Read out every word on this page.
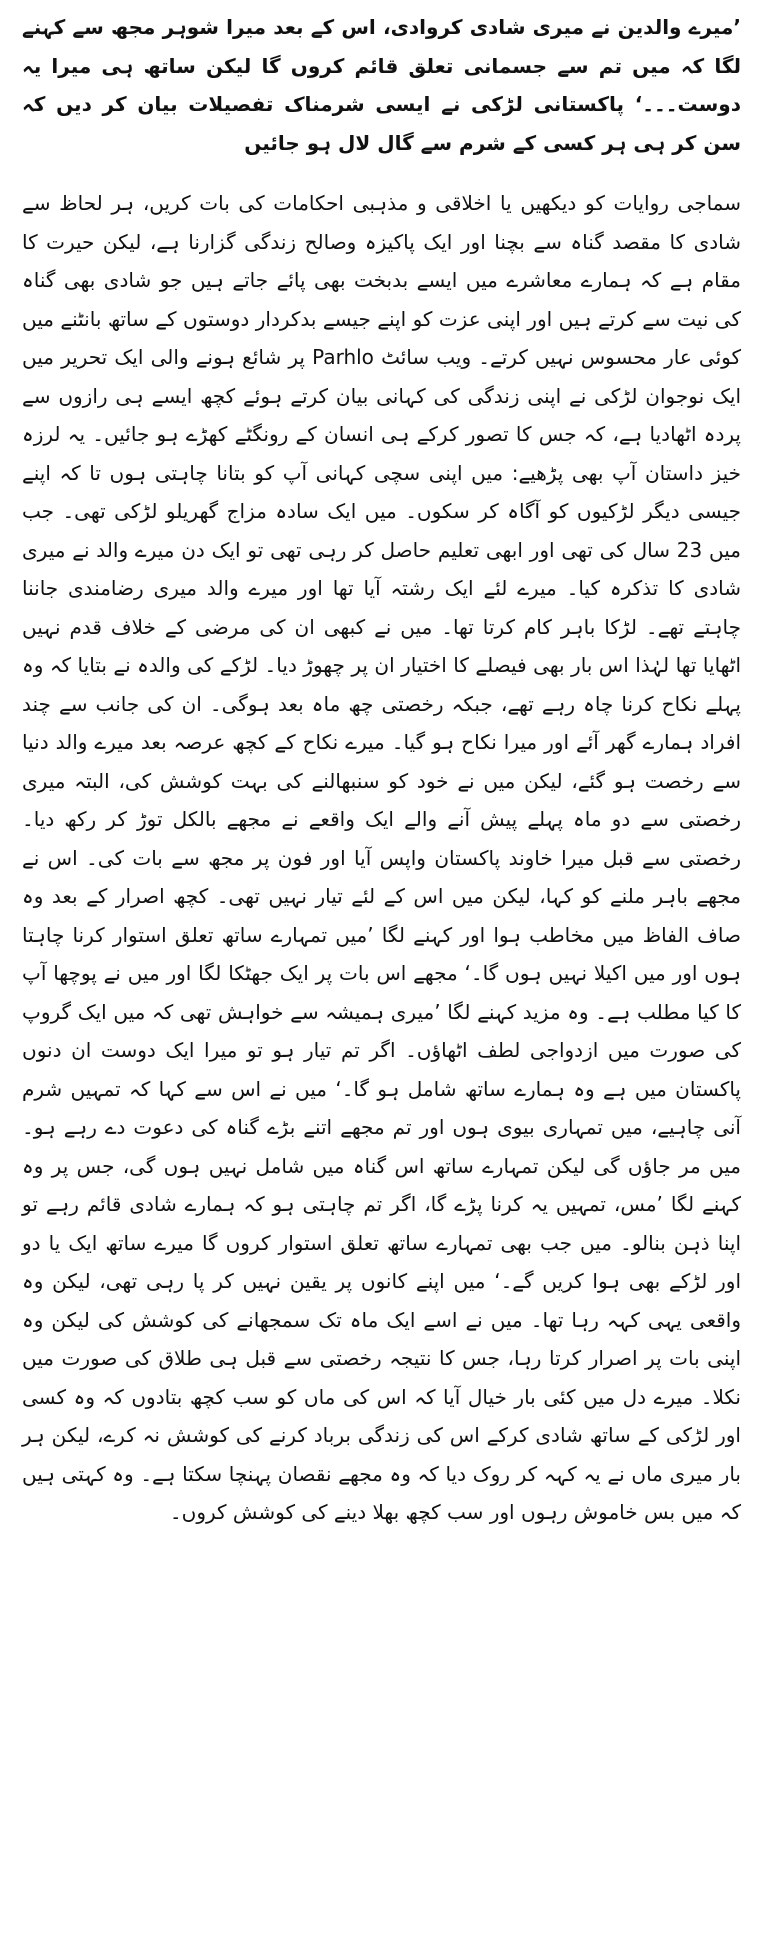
’میرے والدین نے میری شادی کروادی، اس کے بعد میرا شوہر مجھ سے کہنے لگا کہ میں تم سے جسمانی تعلق قائم کروں گا لیکن ساتھ ہی میرا یہ دوست۔۔۔‘ پاکستانی لڑکی نے ایسی شرمناک تفصیلات بیان کر دیں کہ سن کر ہی ہر کسی کے شرم سے گال لال ہو جائیں

سماجی روایات کو دیکھیں یا اخلاقی و مذہبی احکامات کی بات کریں، ہر لحاظ سے شادی کا مقصد گناہ سے بچنا اور ایک پاکیزہ وصالح زندگی گزارنا ہے، لیکن حیرت کا مقام ہے کہ ہمارے معاشرے میں ایسے بدبخت بھی پائے جاتے ہیں جو شادی بھی گناہ کی نیت سے کرتے ہیں اور اپنی عزت کو اپنے جیسے بدکردار دوستوں کے ساتھ بانٹنے میں کوئی عار محسوس نہیں کرتے۔ ویب سائٹ Parhlo پر شائع ہونے والی ایک تحریر میں ایک نوجوان لڑکی نے اپنی زندگی کی کہانی بیان کرتے ہوئے کچھ ایسے ہی رازوں سے پردہ اٹھادیا ہے، کہ جس کا تصور کرکے ہی انسان کے رونگٹے کھڑے ہو جائیں۔ یہ لرزہ خیز داستان آپ بھی پڑھیے: میں اپنی سچی کہانی آپ کو بتانا چاہتی ہوں تا کہ اپنے جیسی دیگر لڑکیوں کو آگاہ کر سکوں۔ میں ایک سادہ مزاج گھریلو لڑکی تھی۔ جب میں 23 سال کی تھی اور ابھی تعلیم حاصل کر رہی تھی تو ایک دن میرے والد نے میری شادی کا تذکرہ کیا۔ میرے لئے ایک رشتہ آیا تھا اور میرے والد میری رضامندی جاننا چاہتے تھے۔ لڑکا باہر کام کرتا تھا۔ میں نے کبھی ان کی مرضی کے خلاف قدم نہیں اٹھایا تھا لہٰذا اس بار بھی فیصلے کا اختیار ان پر چھوڑ دیا۔ لڑکے کی والدہ نے بتایا کہ وہ پہلے نکاح کرنا چاہ رہے تھے، جبکہ رخصتی چھ ماہ بعد ہوگی۔ ان کی جانب سے چند افراد ہمارے گھر آئے اور میرا نکاح ہو گیا۔ میرے نکاح کے کچھ عرصہ بعد میرے والد دنیا سے رخصت ہو گئے، لیکن میں نے خود کو سنبھالنے کی بہت کوشش کی، البتہ میری رخصتی سے دو ماہ پہلے پیش آنے والے ایک واقعے نے مجھے بالکل توڑ کر رکھ دیا۔ رخصتی سے قبل میرا خاوند پاکستان واپس آیا اور فون پر مجھ سے بات کی۔ اس نے مجھے باہر ملنے کو کہا، لیکن میں اس کے لئے تیار نہیں تھی۔ کچھ اصرار کے بعد وہ صاف الفاظ میں مخاطب ہوا اور کہنے لگا ’میں تمہارے ساتھ تعلق استوار کرنا چاہتا ہوں اور میں اکیلا نہیں ہوں گا۔‘ مجھے اس بات پر ایک جھٹکا لگا اور میں نے پوچھا آپ کا کیا مطلب ہے۔ وہ مزید کہنے لگا ’میری ہمیشہ سے خواہش تھی کہ میں ایک گروپ کی صورت میں ازدواجی لطف اٹھاؤں۔ اگر تم تیار ہو تو میرا ایک دوست ان دنوں پاکستان میں ہے وہ ہمارے ساتھ شامل ہو گا۔‘ میں نے اس سے کہا کہ تمہیں شرم آنی چاہیے، میں تمہاری بیوی ہوں اور تم مجھے اتنے بڑے گناہ کی دعوت دے رہے ہو۔ میں مر جاؤں گی لیکن تمہارے ساتھ اس گناہ میں شامل نہیں ہوں گی، جس پر وہ کہنے لگا ’مس، تمہیں یہ کرنا پڑے گا، اگر تم چاہتی ہو کہ ہمارے شادی قائم رہے تو اپنا ذہن بنالو۔ میں جب بھی تمہارے ساتھ تعلق استوار کروں گا میرے ساتھ ایک یا دو اور لڑکے بھی ہوا کریں گے۔‘ میں اپنے کانوں پر یقین نہیں کر پا رہی تھی، لیکن وہ واقعی یہی کہہ رہا تھا۔ میں نے اسے ایک ماہ تک سمجھانے کی کوشش کی لیکن وہ اپنی بات پر اصرار کرتا رہا، جس کا نتیجہ رخصتی سے قبل ہی طلاق کی صورت میں نکلا۔ میرے دل میں کئی بار خیال آیا کہ اس کی ماں کو سب کچھ بتادوں کہ وہ کسی اور لڑکی کے ساتھ شادی کرکے اس کی زندگی برباد کرنے کی کوشش نہ کرے، لیکن ہر بار میری ماں نے یہ کہہ کر روک دیا کہ وہ مجھے نقصان پہنچا سکتا ہے۔ وہ کہتی ہیں کہ میں بس خاموش رہوں اور سب کچھ بھلا دینے کی کوشش کروں۔
